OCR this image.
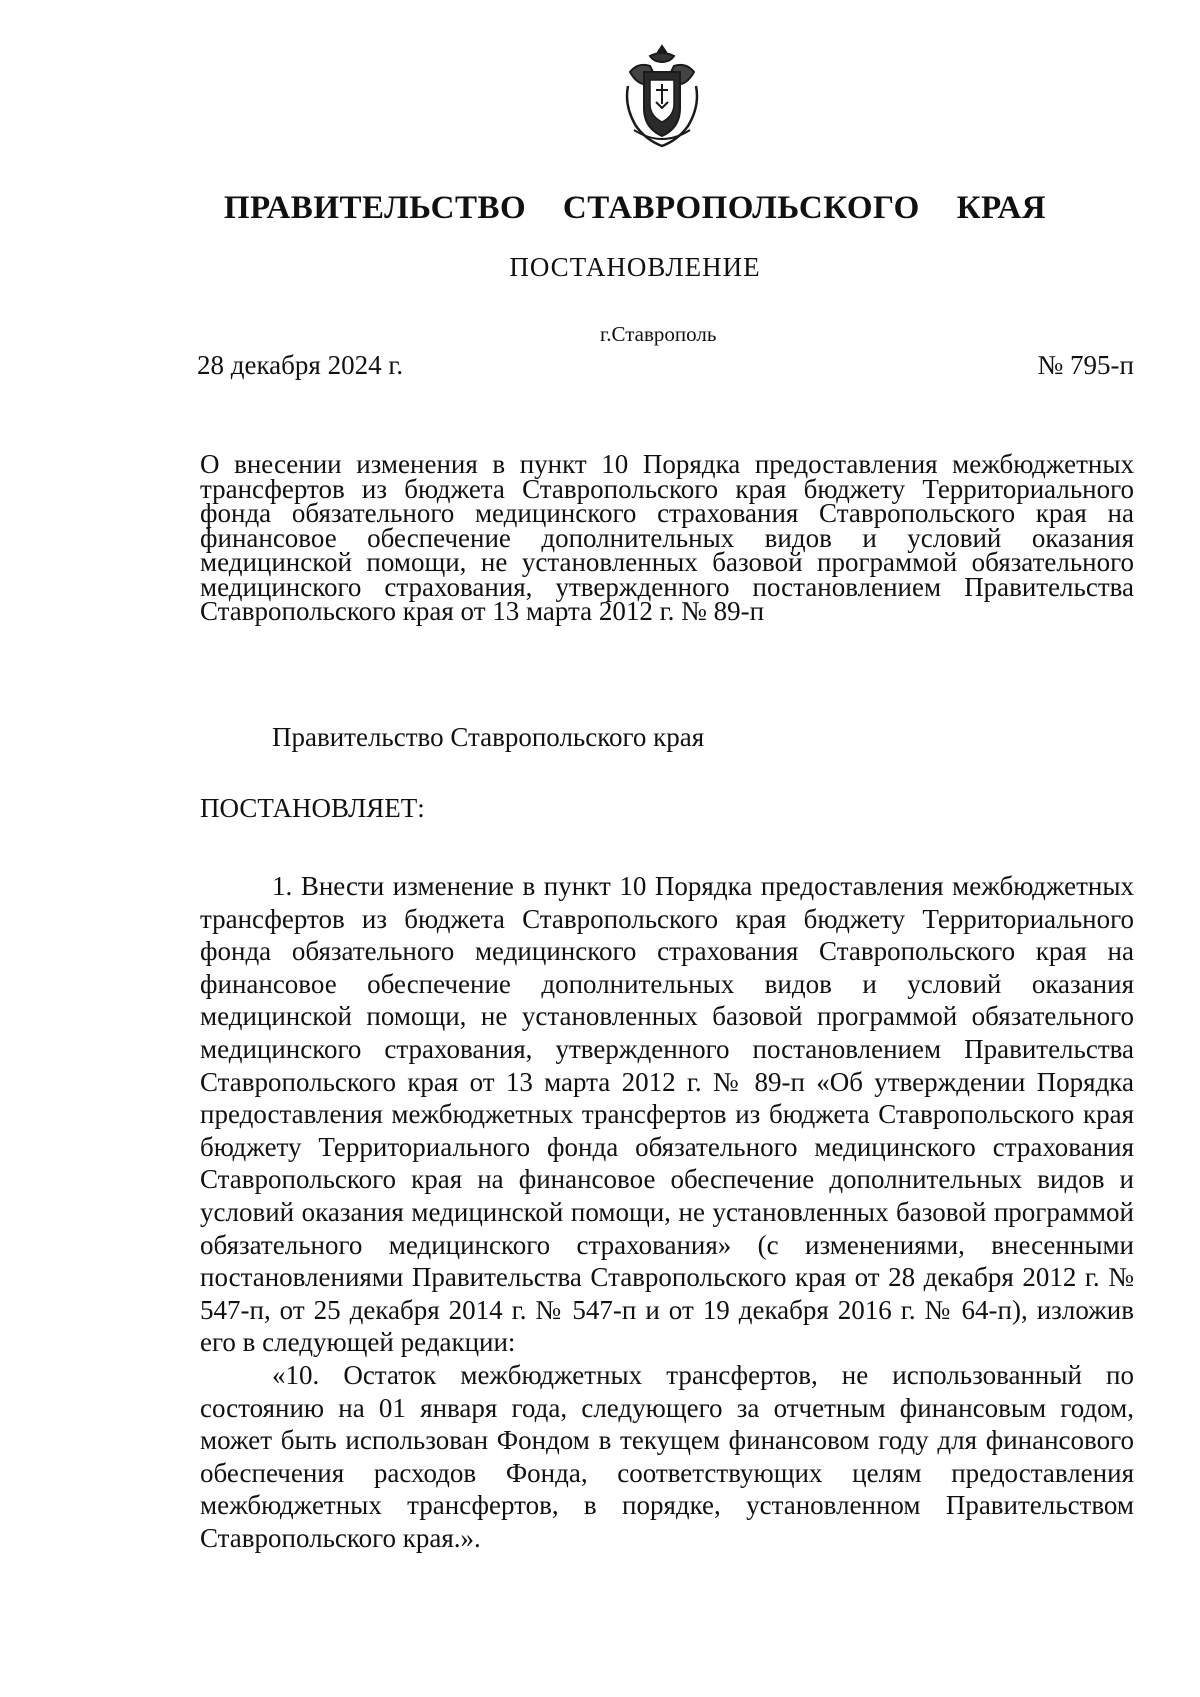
ПРАВИТЕЛЬСТВО СТАВРОПОЛЬСКОГО КРАЯ
ПОСТАНОВЛЕНИЕ
г.Ставрополь
28 декабря 2024 г.	№ 795-п
О внесении изменения в пункт 10 Порядка предоставления межбюджетных трансфертов из бюджета Ставропольского края бюджету Территориального фонда обязательного медицинского страхования Ставропольского края на финансовое обеспечение дополнительных видов и условий оказания медицинской помощи, не установленных базовой программой обязательного медицинского страхования, утвержденного постановлением Правительства Ставропольского края от 13 марта 2012 г. № 89-п
Правительство Ставропольского края
ПОСТАНОВЛЯЕТ:

1. Внести изменение в пункт 10 Порядка предоставления межбюджетных трансфертов из бюджета Ставропольского края бюджету Территориального фонда обязательного медицинского страхования Ставропольского края на финансовое обеспечение дополнительных видов и условий оказания медицинской помощи, не установленных базовой программой обязательного медицинского страхования, утвержденного постановлением Правительства Ставропольского края от 13 марта 2012 г. № 89-п «Об утверждении Порядка предоставления межбюджетных трансфертов из бюджета Ставропольского края бюджету Территориального фонда обязательного медицинского страхования Ставропольского края на финансовое обеспечение дополнительных видов и условий оказания медицинской помощи, не установленных базовой программой обязательного медицинского страхования» (с изменениями, внесенными постановлениями Правительства Ставропольского края от 28 декабря 2012 г. № 547-п, от 25 декабря 2014 г. № 547-п и от 19 декабря 2016 г. № 64-п), изложив его в следующей редакции:

«10. Остаток межбюджетных трансфертов, не использованный по состоянию на 01 января года, следующего за отчетным финансовым годом, может быть использован Фондом в текущем финансовом году для финансового обеспечения расходов Фонда, соответствующих целям предоставления межбюджетных трансфертов, в порядке, установленном Правительством Ставропольского края.».
